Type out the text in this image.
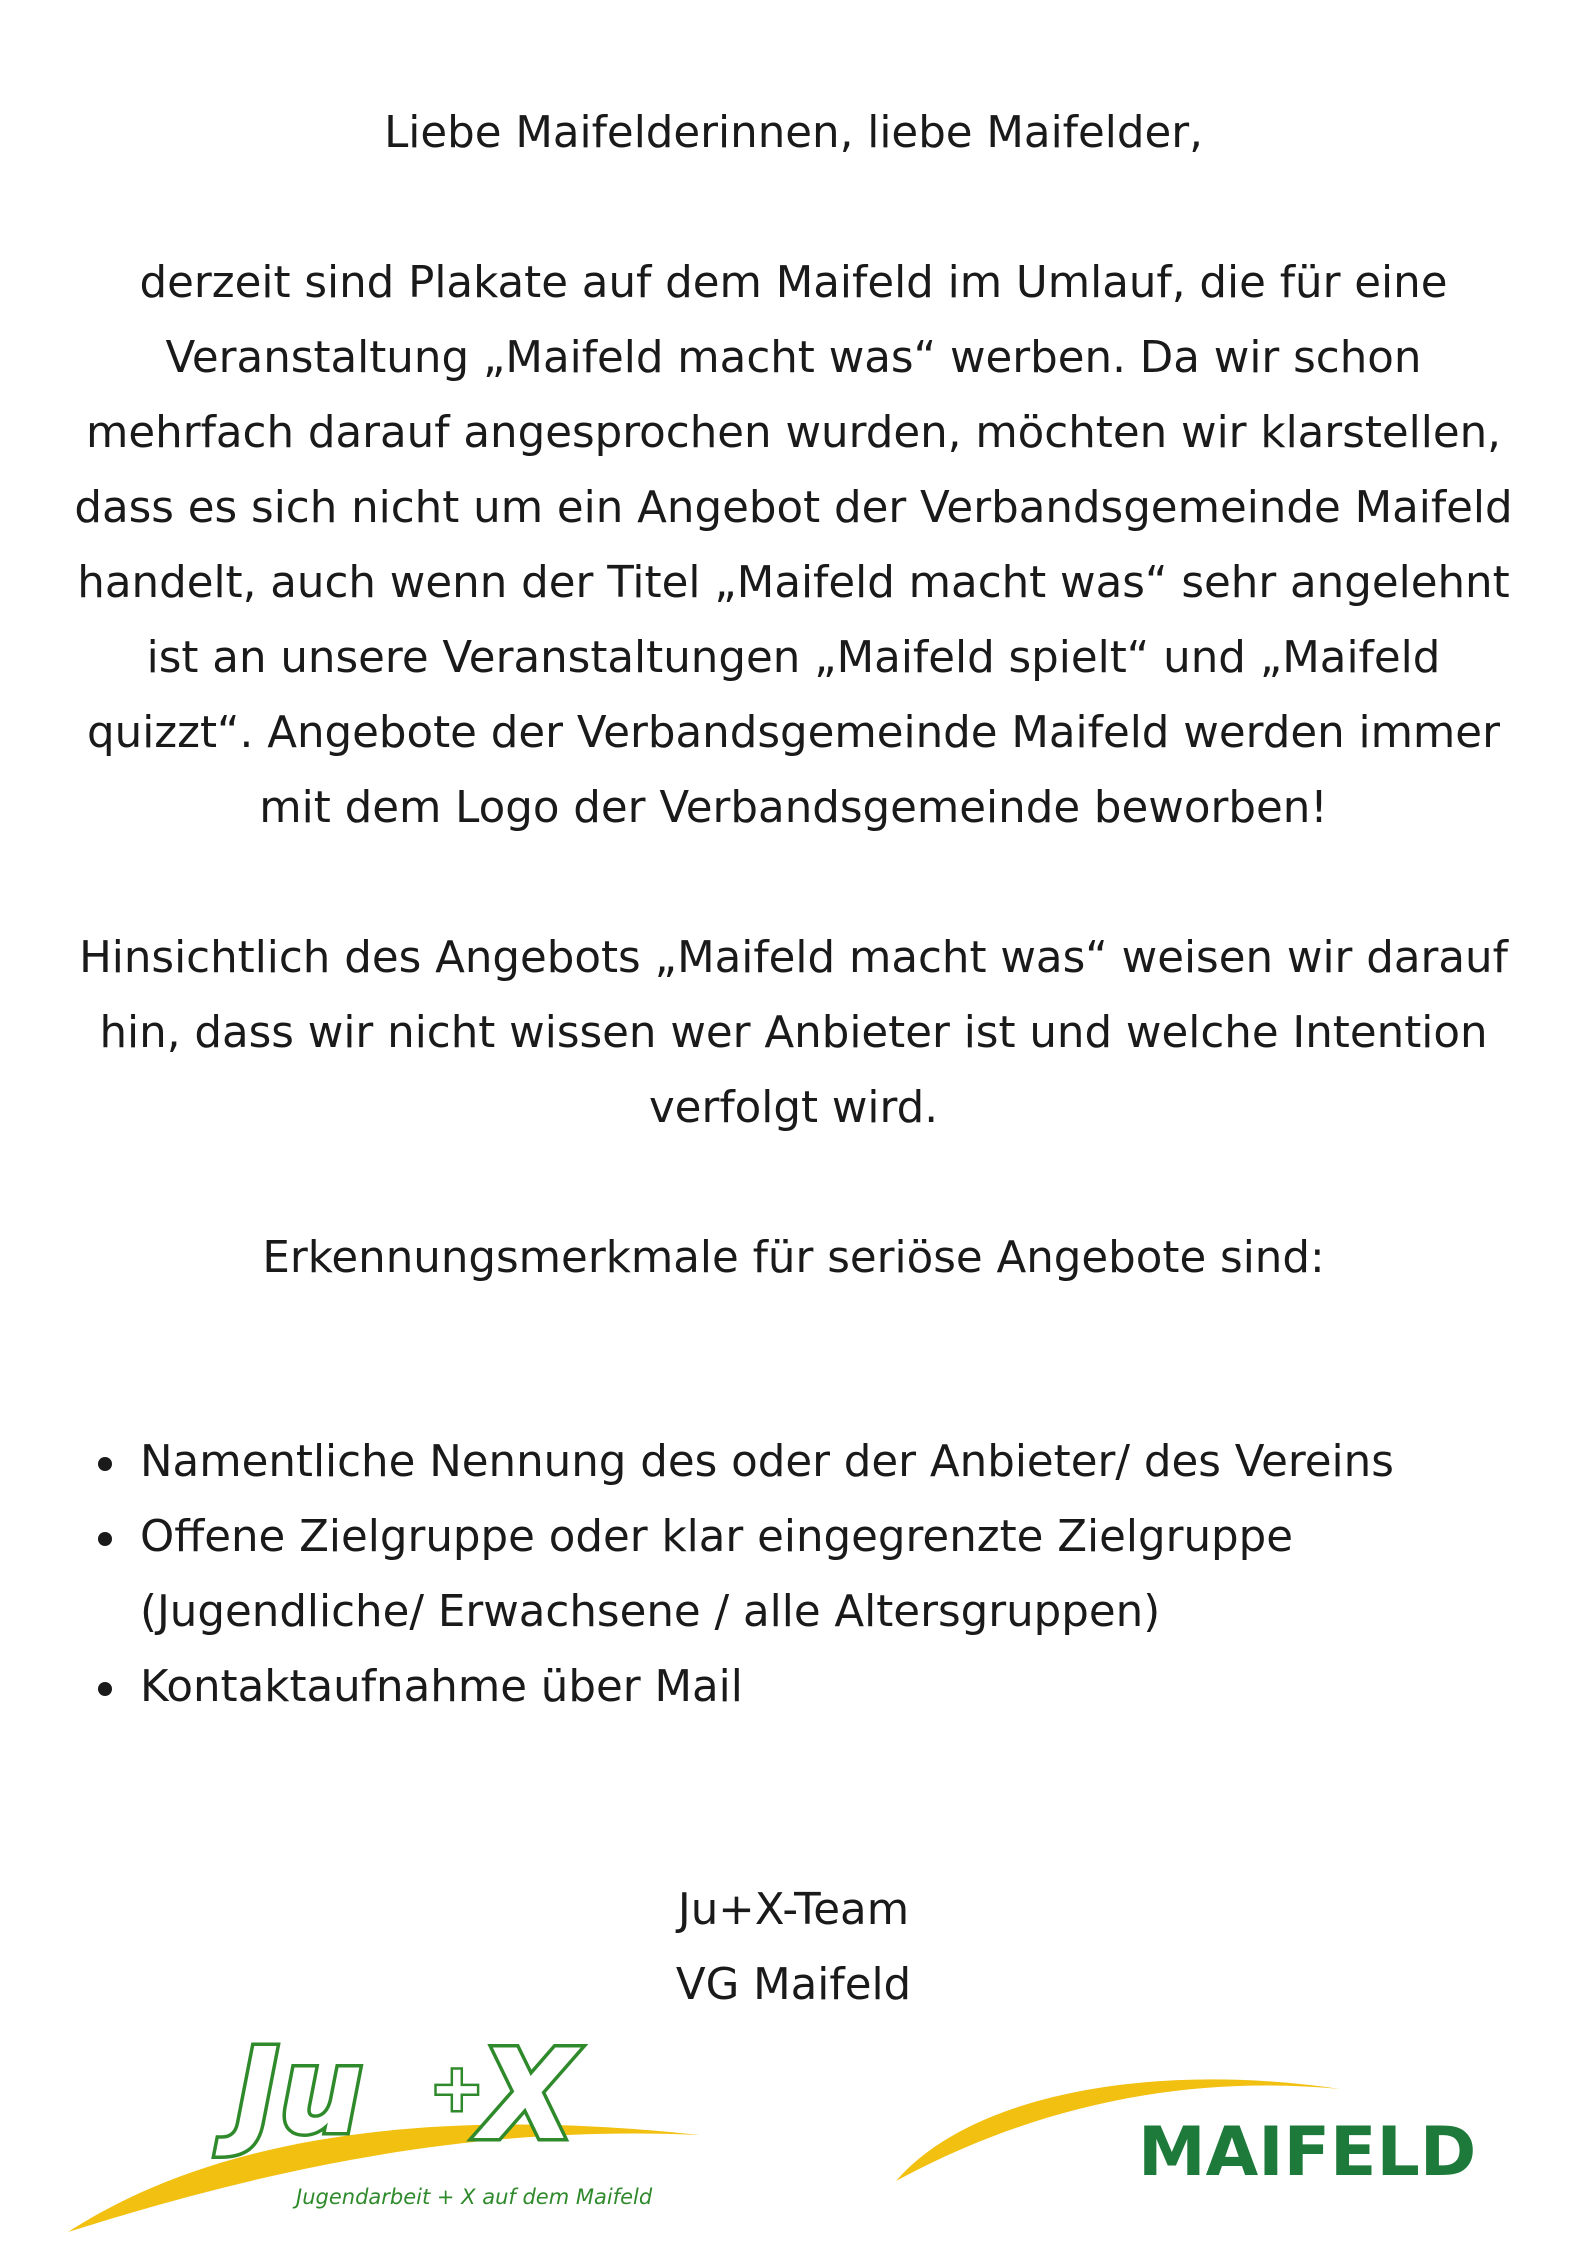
Liebe Maifelderinnen, liebe Maifelder,

derzeit sind Plakate auf dem Maifeld im Umlauf, die für eine Veranstaltung „Maifeld macht was“ werben. Da wir schon mehrfach darauf angesprochen wurden, möchten wir klarstellen, dass es sich nicht um ein Angebot der Verbandsgemeinde Maifeld handelt, auch wenn der Titel „Maifeld macht was“ sehr angelehnt ist an unsere Veranstaltungen „Maifeld spielt“ und „Maifeld quizzt“. Angebote der Verbandsgemeinde Maifeld werden immer mit dem Logo der Verbandsgemeinde beworben!

Hinsichtlich des Angebots „Maifeld macht was“ weisen wir darauf hin, dass wir nicht wissen wer Anbieter ist und welche Intention verfolgt wird.

Erkennungsmerkmale für seriöse Angebote sind:

Namentliche Nennung des oder der Anbieter/ des Vereins
Offene Zielgruppe oder klar eingegrenzte Zielgruppe (Jugendliche/ Erwachsene / alle Altersgruppen)
Kontaktaufnahme über Mail
Ju+X-Team
VG Maifeld
Ju +
X
Jugendarbeit + X auf dem Maifeld
MAIFELD
